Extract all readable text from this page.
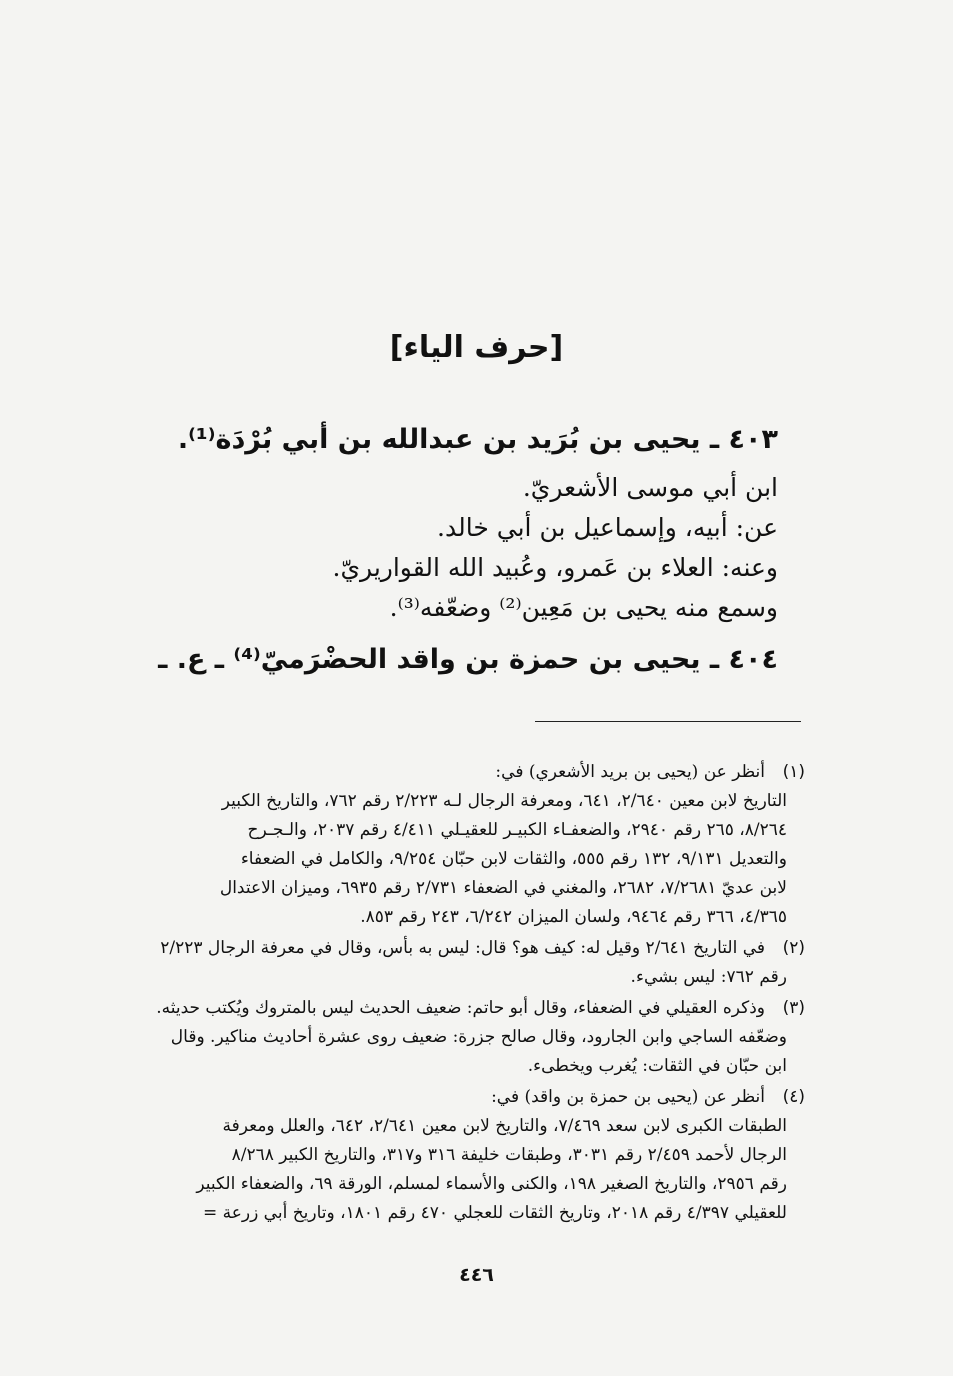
[حرف الياء]

٤٠٣ ـ يحيى بن بُرَيد بن عبدالله بن أبي بُرْدَة⁽¹⁾.

ابن أبي موسى الأشعريّ.

عن: أبيه، وإسماعيل بن أبي خالد.

وعنه: العلاء بن عَمرو، وعُبيد الله القواريريّ.

وسمع منه يحيى بن مَعِين⁽²⁾ وضعّفه⁽³⁾.

٤٠٤ ـ يحيى بن حمزة بن واقد الحضْرَميّ⁽⁴⁾ ـ ع. ـ

(١)

أنظر عن (يحيى بن بريد الأشعري) في:

التاريخ لابن معين ٢/٦٤٠، ٦٤١، ومعرفة الرجال لـه ٢/٢٢٣ رقم ٧٦٢، والتاريخ الكبير

٨/٢٦٤، ٢٦٥ رقم ٢٩٤٠، والضعفـاء الكبيـر للعقيـلي ٤/٤١١ رقم ٢٠٣٧، والـجـرح

والتعديل ٩/١٣١، ١٣٢ رقم ٥٥٥، والثقات لابن حبّان ٩/٢٥٤، والكامل في الضعفاء

لابن عديّ ٧/٢٦٨١، ٢٦٨٢، والمغني في الضعفاء ٢/٧٣١ رقم ٦٩٣٥، وميزان الاعتدال

٤/٣٦٥، ٣٦٦ رقم ٩٤٦٤، ولسان الميزان ٦/٢٤٢، ٢٤٣ رقم ٨٥٣.

(٢)

في التاريخ ٢/٦٤١ وقيل له: كيف هو؟ قال: ليس به بأس، وقال في معرفة الرجال ٢/٢٢٣

رقم ٧٦٢: ليس بشيء.

(٣)

وذكره العقيلي في الضعفاء، وقال أبو حاتم: ضعيف الحديث ليس بالمتروك ويُكتب حديثه.

وضعّفه الساجي وابن الجارود، وقال صالح جزرة: ضعيف روى عشرة أحاديث مناكير. وقال

ابن حبّان في الثقات: يُغرب ويخطىء.

(٤)

أنظر عن (يحيى بن حمزة بن واقد) في:

الطبقات الكبرى لابن سعد ٧/٤٦٩، والتاريخ لابن معين ٢/٦٤١، ٦٤٢، والعلل ومعرفة

الرجال لأحمد ٢/٤٥٩ رقم ٣٠٣١، وطبقات خليفة ٣١٦ و٣١٧، والتاريخ الكبير ٨/٢٦٨

رقم ٢٩٥٦، والتاريخ الصغير ١٩٨، والكنى والأسماء لمسلم، الورقة ٦٩، والضعفاء الكبير

للعقيلي ٤/٣٩٧ رقم ٢٠١٨، وتاريخ الثقات للعجلي ٤٧٠ رقم ١٨٠١، وتاريخ أبي زرعة =

٤٤٦
